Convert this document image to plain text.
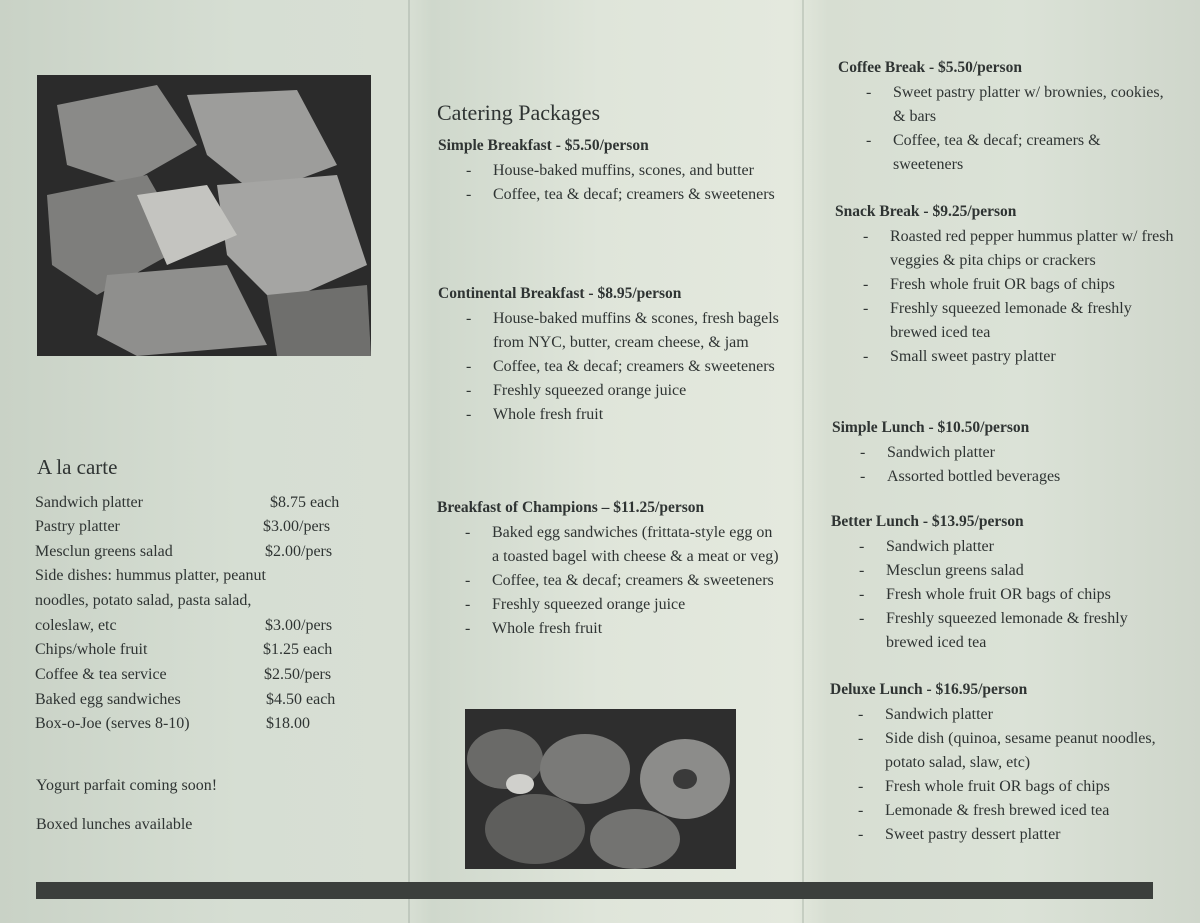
A la carte
Sandwich platter	$8.75 each
Pastry platter	$3.00/pers
Mesclun greens salad	$2.00/pers
Side dishes: hummus platter, peanut
noodles, potato salad, pasta salad,
coleslaw, etc	$3.00/pers
Chips/whole fruit	$1.25 each
Coffee & tea service	$2.50/pers
Baked egg sandwiches	$4.50 each
Box-o-Joe (serves 8-10)	$18.00
Yogurt parfait coming soon!
Boxed lunches available
Catering Packages
Simple Breakfast - $5.50/person
- House-baked muffins, scones, and butter
- Coffee, tea & decaf; creamers & sweeteners
Continental Breakfast - $8.95/person
- House-baked muffins & scones, fresh bagels from NYC, butter, cream cheese, & jam
- Coffee, tea & decaf; creamers & sweeteners
- Freshly squeezed orange juice
- Whole fresh fruit
Breakfast of Champions – $11.25/person
- Baked egg sandwiches (frittata-style egg on a toasted bagel with cheese & a meat or veg)
- Coffee, tea & decaf; creamers & sweeteners
- Freshly squeezed orange juice
- Whole fresh fruit
Coffee Break - $5.50/person
- Sweet pastry platter w/ brownies, cookies, & bars
- Coffee, tea & decaf; creamers & sweeteners
Snack Break - $9.25/person
- Roasted red pepper hummus platter w/ fresh veggies & pita chips or crackers
- Fresh whole fruit OR bags of chips
- Freshly squeezed lemonade & freshly brewed iced tea
- Small sweet pastry platter
Simple Lunch - $10.50/person
- Sandwich platter
- Assorted bottled beverages
Better Lunch - $13.95/person
- Sandwich platter
- Mesclun greens salad
- Fresh whole fruit OR bags of chips
- Freshly squeezed lemonade & freshly brewed iced tea
Deluxe Lunch - $16.95/person
- Sandwich platter
- Side dish (quinoa, sesame peanut noodles, potato salad, slaw, etc)
- Fresh whole fruit OR bags of chips
- Lemonade & fresh brewed iced tea
- Sweet pastry dessert platter
